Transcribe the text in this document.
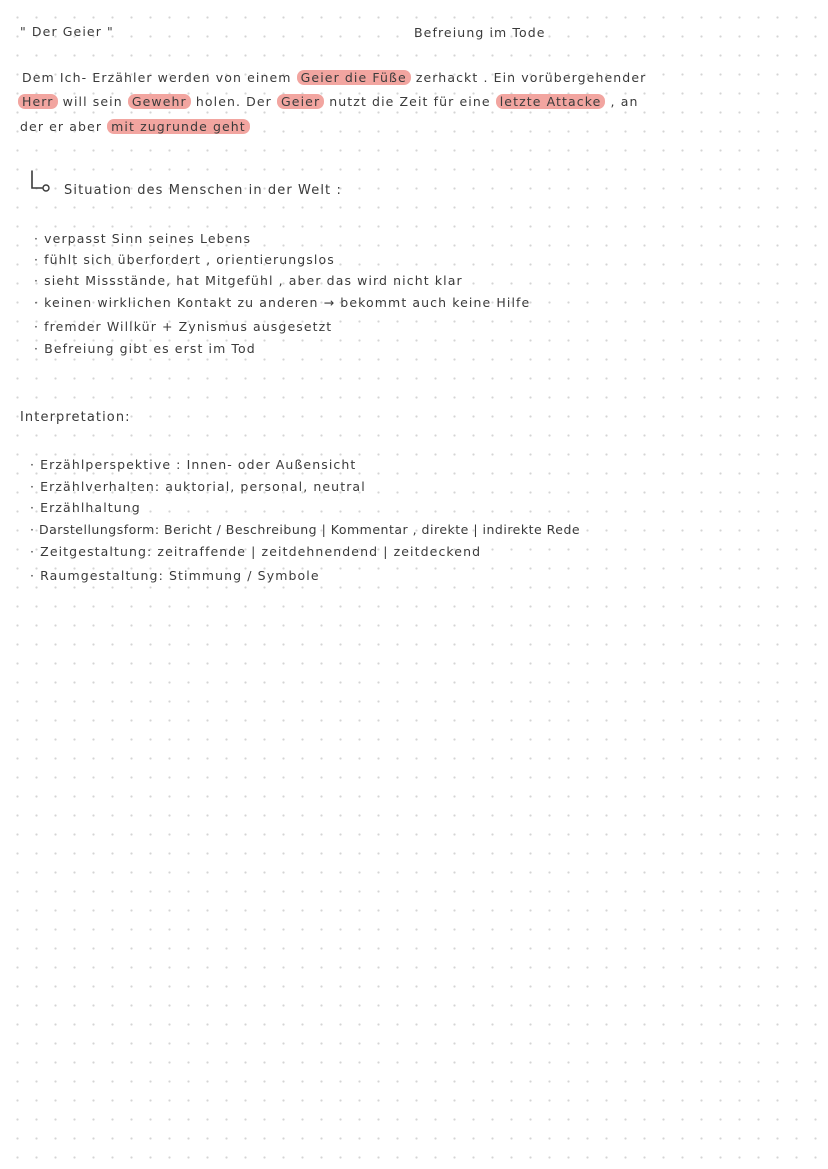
" Der Geier "	Befreiung im Tode
Dem Ich- Erzähler werden von einem Geier die Füße zerhackt . Ein vorübergehender
Herr will sein Gewehr holen. Der Geier nutzt die Zeit für eine letzte Attacke , an
der er aber mit zugrunde geht
Situation des Menschen in der Welt :
· verpasst Sinn seines Lebens
· fühlt sich überfordert , orientierungslos
· sieht Missstände, hat Mitgefühl , aber das wird nicht klar
· keinen wirklichen Kontakt zu anderen → bekommt auch keine Hilfe
· fremder Willkür + Zynismus ausgesetzt
· Befreiung gibt es erst im Tod
Interpretation:
· Erzählperspektive : Innen- oder Außensicht
· Erzählverhalten: auktorial, personal, neutral
· Erzählhaltung
· Darstellungsform: Bericht / Beschreibung | Kommentar , direkte | indirekte Rede
· Zeitgestaltung: zeitraffende | zeitdehnendend | zeitdeckend
· Raumgestaltung: Stimmung / Symbole
